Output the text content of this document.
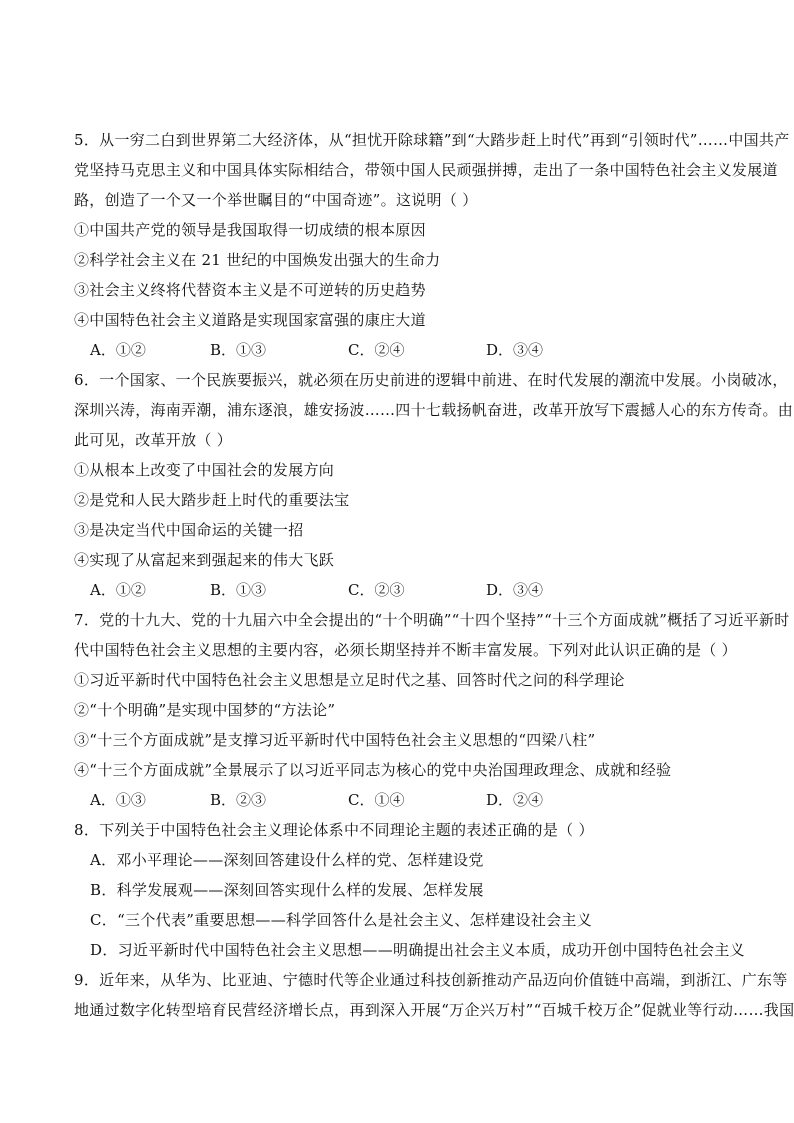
5．从一穷二白到世界第二大经济体，从“担忧开除球籍”到“大踏步赶上时代”再到“引领时代”……中国共产
党坚持马克思主义和中国具体实际相结合，带领中国人民顽强拼搏，走出了一条中国特色社会主义发展道
路，创造了一个又一个举世瞩目的“中国奇迹”。这说明（ ）
①中国共产党的领导是我国取得一切成绩的根本原因
②科学社会主义在 21 世纪的中国焕发出强大的生命力
③社会主义终将代替资本主义是不可逆转的历史趋势
④中国特色社会主义道路是实现国家富强的康庄大道
A．①②	B．①③	C．②④	D．③④
6．一个国家、一个民族要振兴，就必须在历史前进的逻辑中前进、在时代发展的潮流中发展。小岗破冰，
深圳兴涛，海南弄潮，浦东逐浪，雄安扬波……四十七载扬帆奋进，改革开放写下震撼人心的东方传奇。由
此可见，改革开放（ ）
①从根本上改变了中国社会的发展方向
②是党和人民大踏步赶上时代的重要法宝
③是决定当代中国命运的关键一招
④实现了从富起来到强起来的伟大飞跃
A．①②	B．①③	C．②③	D．③④
7．党的十九大、党的十九届六中全会提出的“十个明确”“十四个坚持”“十三个方面成就”概括了习近平新时
代中国特色社会主义思想的主要内容，必须长期坚持并不断丰富发展。下列对此认识正确的是（ ）
①习近平新时代中国特色社会主义思想是立足时代之基、回答时代之问的科学理论
②“十个明确”是实现中国梦的“方法论”
③“十三个方面成就”是支撑习近平新时代中国特色社会主义思想的“四梁八柱”
④“十三个方面成就”全景展示了以习近平同志为核心的党中央治国理政理念、成就和经验
A．①③	B．②③	C．①④	D．②④
8．下列关于中国特色社会主义理论体系中不同理论主题的表述正确的是（ ）
A．邓小平理论——深刻回答建设什么样的党、怎样建设党
B．科学发展观——深刻回答实现什么样的发展、怎样发展
C．“三个代表”重要思想——科学回答什么是社会主义、怎样建设社会主义
D．习近平新时代中国特色社会主义思想——明确提出社会主义本质，成功开创中国特色社会主义
9．近年来，从华为、比亚迪、宁德时代等企业通过科技创新推动产品迈向价值链中高端，到浙江、广东等
地通过数字化转型培育民营经济增长点，再到深入开展“万企兴万村”“百城千校万企”促就业等行动……我国
